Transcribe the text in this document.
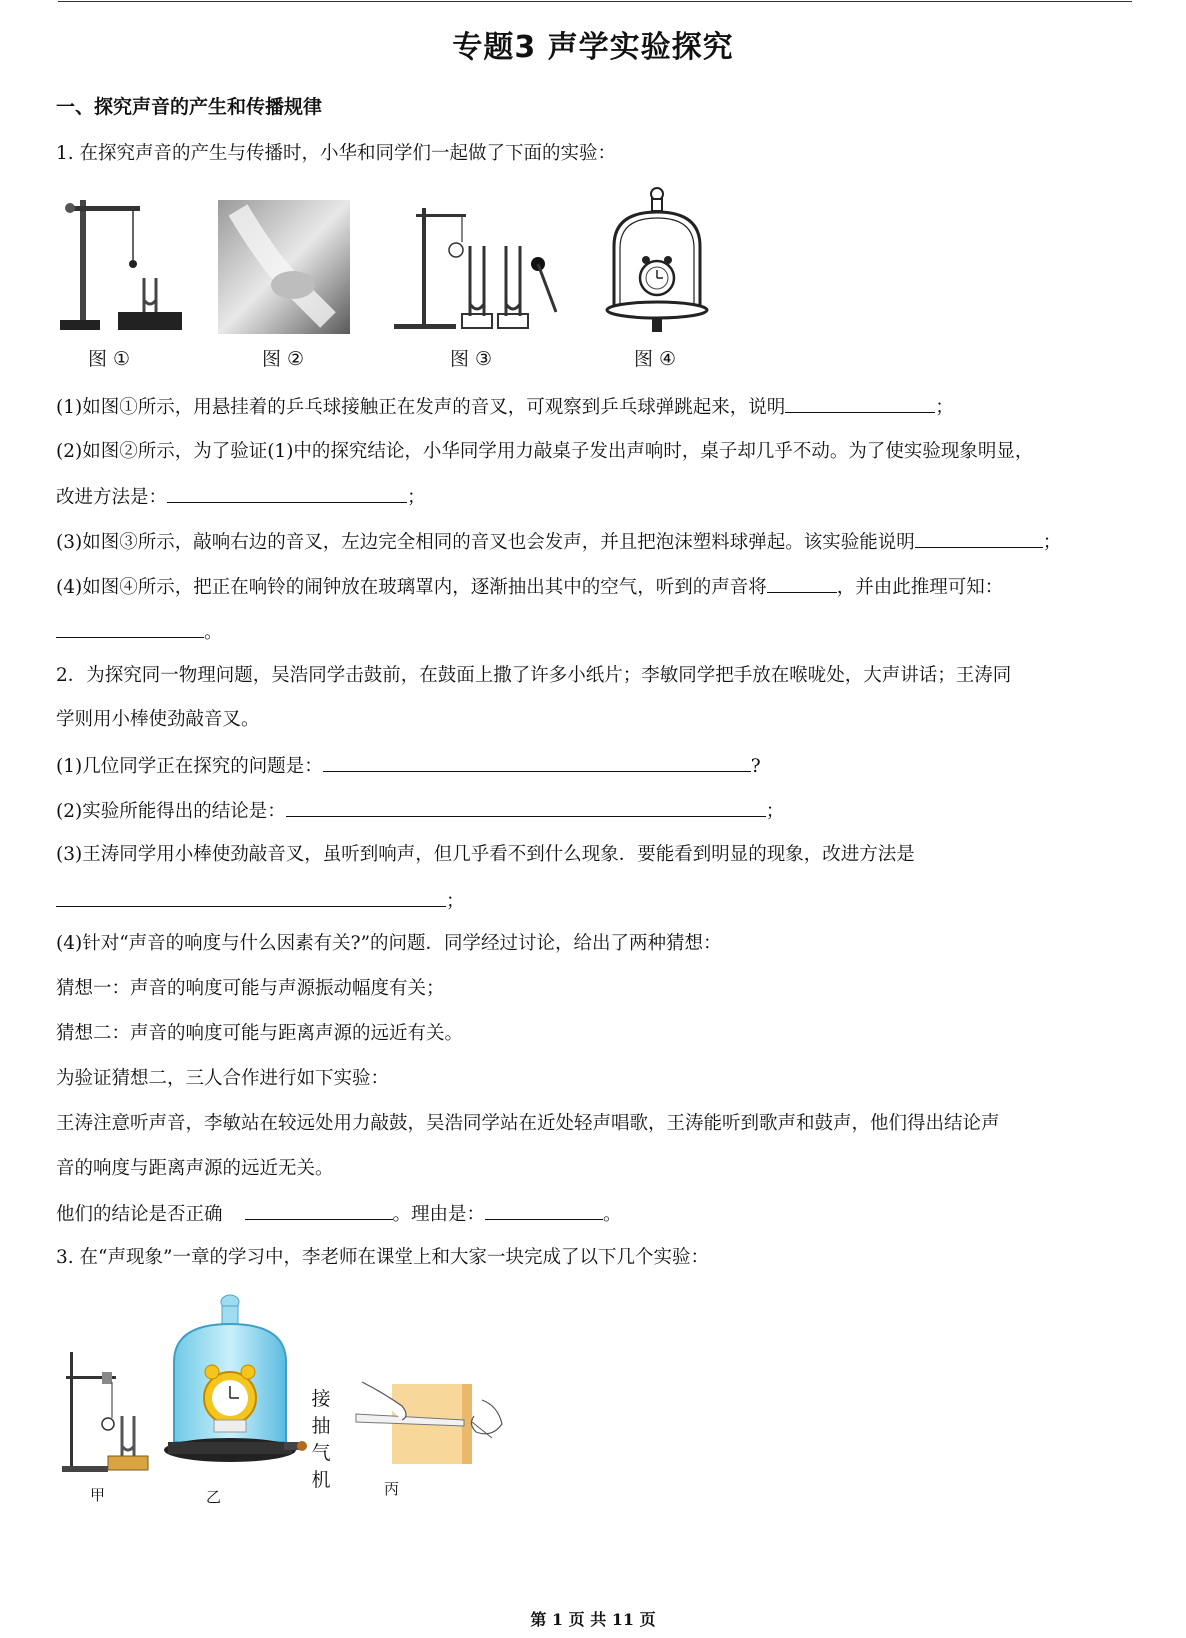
专题3 声学实验探究
一、探究声音的产生和传播规律
1. 在探究声音的产生与传播时，小华和同学们一起做了下面的实验：
图 ①	图 ②	图 ③	图 ④
(1)如图①所示，用悬挂着的乒乓球接触正在发声的音叉，可观察到乒乓球弹跳起来，说明	；
(2)如图②所示，为了验证(1)中的探究结论，小华同学用力敲桌子发出声响时，桌子却几乎不动。为了使实验现象明显，
改进方法是：	；
(3)如图③所示，敲响右边的音叉，左边完全相同的音叉也会发声，并且把泡沫塑料球弹起。该实验能说明	；
(4)如图④所示，把正在响铃的闹钟放在玻璃罩内，逐渐抽出其中的空气，听到的声音将	，并由此推理可知：
。
2．为探究同一物理问题，吴浩同学击鼓前，在鼓面上撒了许多小纸片；李敏同学把手放在喉咙处，大声讲话；王涛同
学则用小棒使劲敲音叉。
(1)几位同学正在探究的问题是：	?
(2)实验所能得出的结论是：	；
(3)王涛同学用小棒使劲敲音叉，虽听到响声，但几乎看不到什么现象．要能看到明显的现象，改进方法是
；
(4)针对“声音的响度与什么因素有关?”的问题．同学经过讨论，给出了两种猜想：
猜想一：声音的响度可能与声源振动幅度有关；
猜想二：声音的响度可能与距离声源的远近有关。
为验证猜想二，三人合作进行如下实验：
王涛注意听声音，李敏站在较远处用力敲鼓，吴浩同学站在近处轻声唱歌，王涛能听到歌声和鼓声，他们得出结论声
音的响度与距离声源的远近无关。
他们的结论是否正确	。理由是：	。
3. 在“声现象”一章的学习中，李老师在课堂上和大家一块完成了以下几个实验：
甲	乙
接
抽
气
机	丙
第 1 页 共 11 页
